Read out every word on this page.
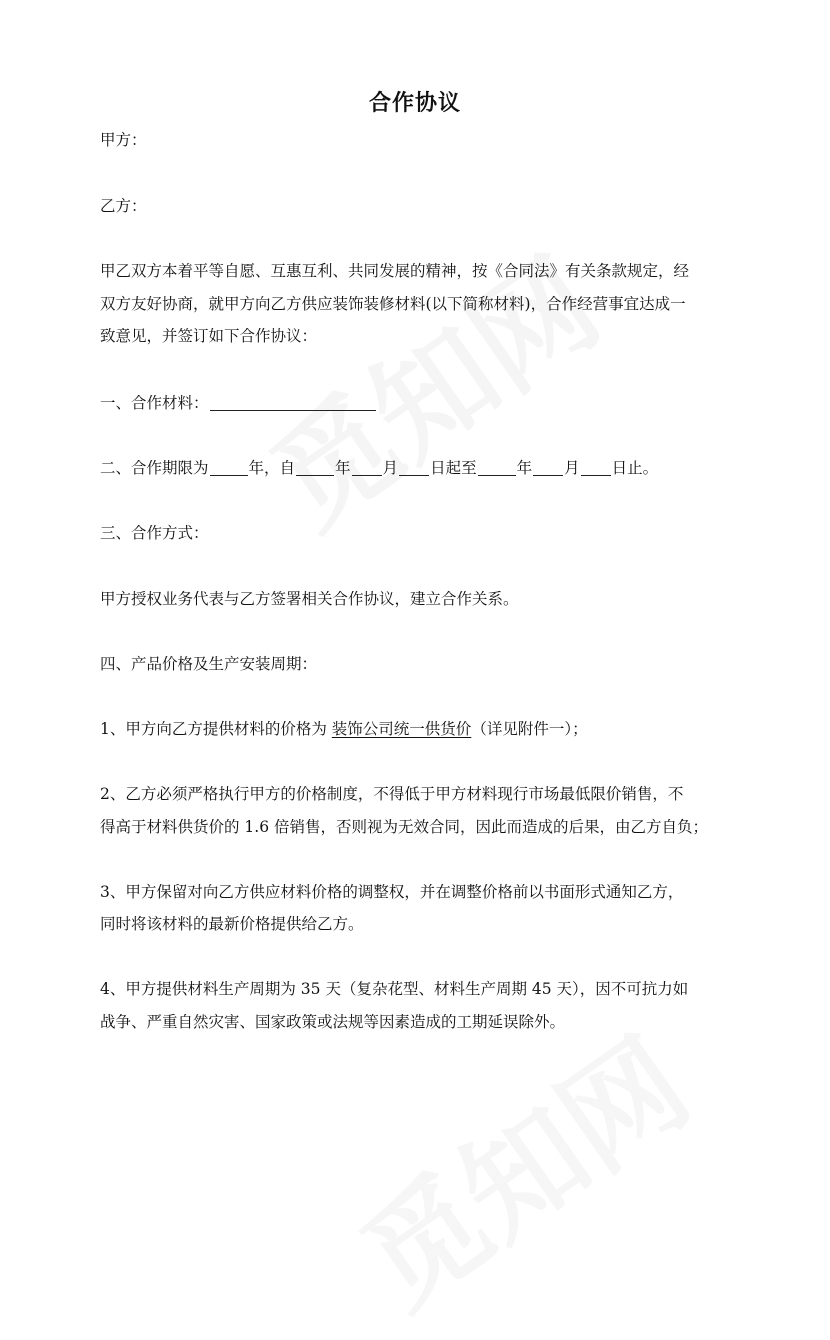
合作协议
甲方：
乙方：
甲乙双方本着平等自愿、互惠互利、共同发展的精神，按《合同法》有关条款规定，经
双方友好协商，就甲方向乙方供应装饰装修材料(以下简称材料)，合作经营事宜达成一
致意见，并签订如下合作协议：
一、合作材料：
二、合作期限为	年，自	年 月 日起至	年 月 日止。
三、合作方式：
甲方授权业务代表与乙方签署相关合作协议，建立合作关系。
四、产品价格及生产安装周期：
1、甲方向乙方提供材料的价格为 装饰公司统一供货价（详见附件一）；
2、乙方必须严格执行甲方的价格制度，不得低于甲方材料现行市场最低限价销售，不
得高于材料供货价的 1.6 倍销售，否则视为无效合同，因此而造成的后果，由乙方自负；
3、甲方保留对向乙方供应材料价格的调整权，并在调整价格前以书面形式通知乙方，
同时将该材料的最新价格提供给乙方。
4、甲方提供材料生产周期为 35 天（复杂花型、材料生产周期 45 天），因不可抗力如
战争、严重自然灾害、国家政策或法规等因素造成的工期延误除外。
